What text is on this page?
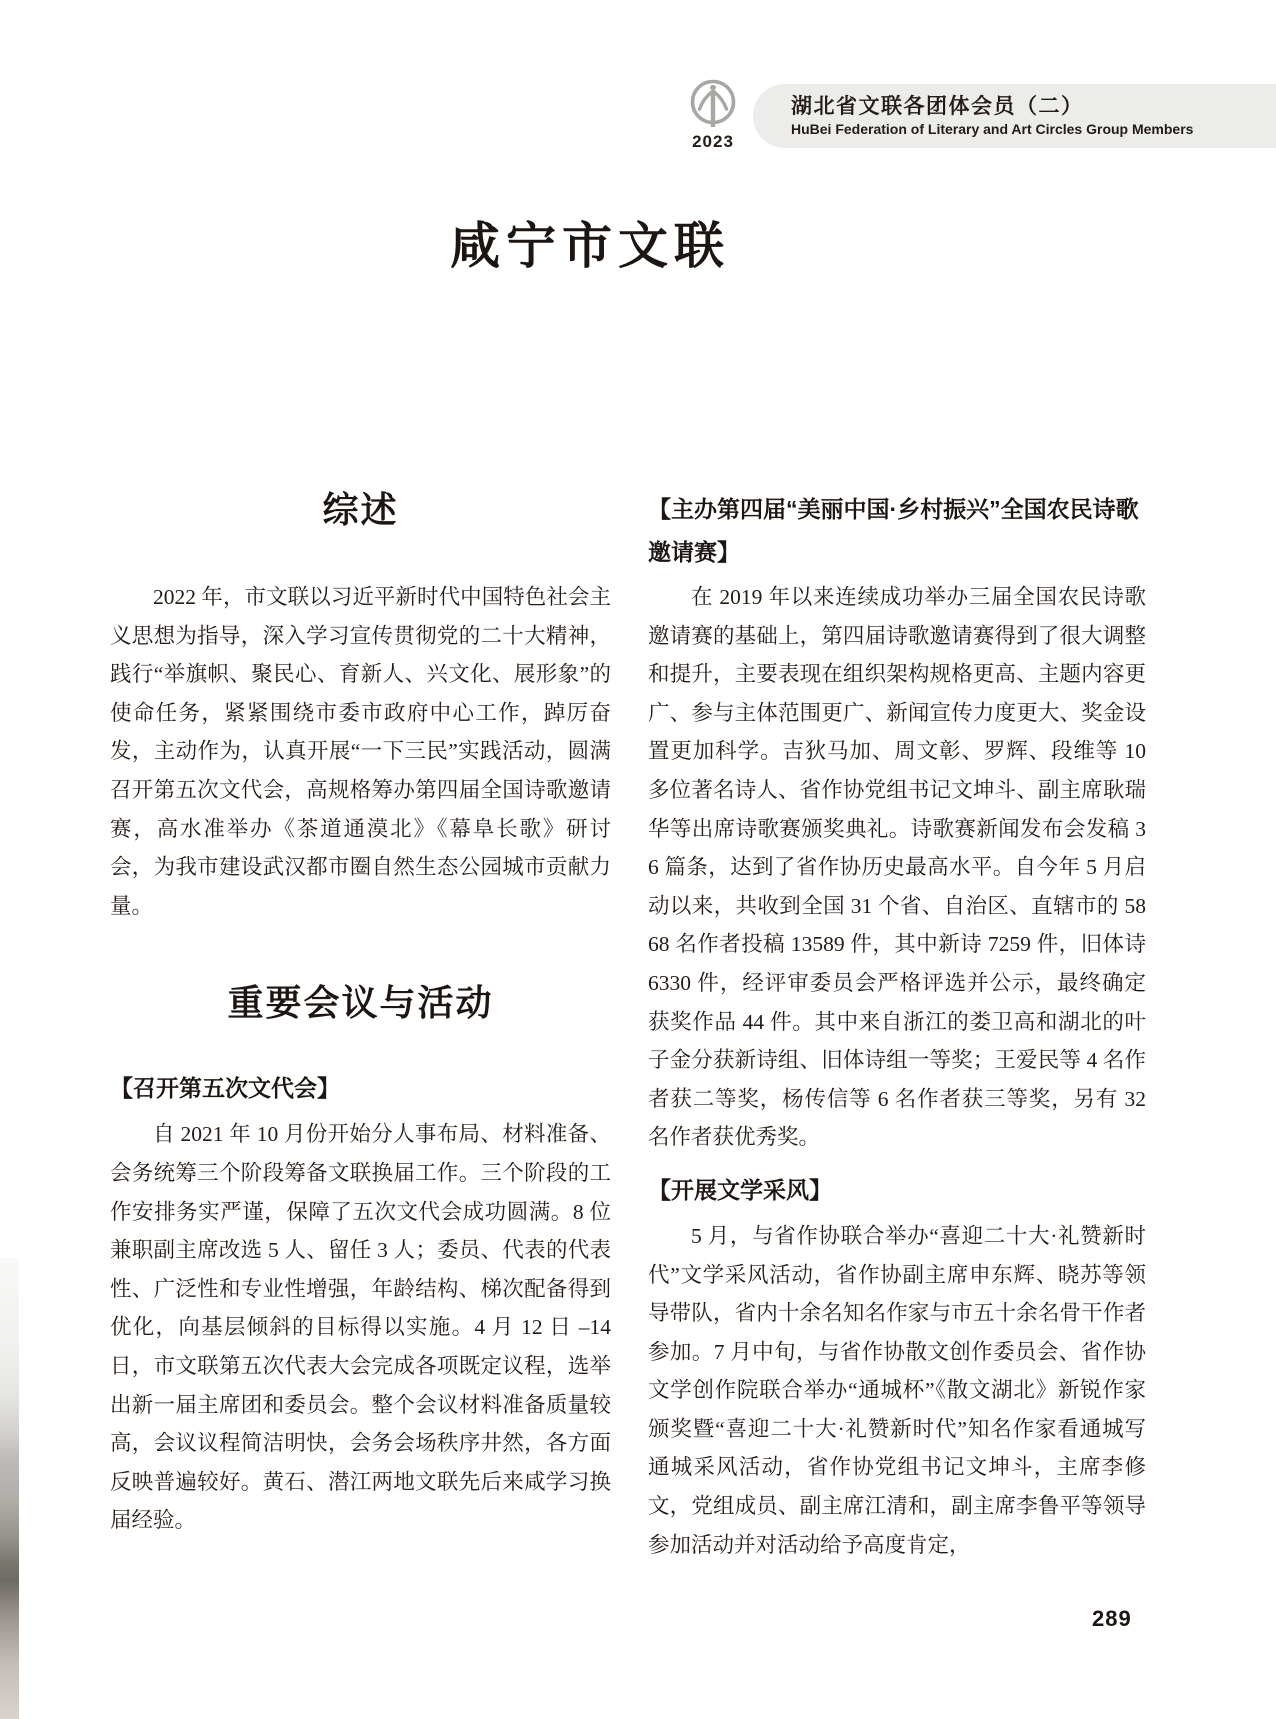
2023
湖北省文联各团体会员（二）
HuBei Federation of Literary and Art Circles Group Members
咸宁市文联
综述

2022 年，市文联以习近平新时代中国特色社会主义思想为指导，深入学习宣传贯彻党的二十大精神，践行“举旗帜、聚民心、育新人、兴文化、展形象”的使命任务，紧紧围绕市委市政府中心工作，踔厉奋发，主动作为，认真开展“一下三民”实践活动，圆满召开第五次文代会，高规格筹办第四届全国诗歌邀请赛，高水准举办《茶道通漠北》《幕阜长歌》研讨会，为我市建设武汉都市圈自然生态公园城市贡献力量。

重要会议与活动
【召开第五次文代会】

自 2021 年 10 月份开始分人事布局、材料准备、会务统筹三个阶段筹备文联换届工作。三个阶段的工作安排务实严谨，保障了五次文代会成功圆满。8 位兼职副主席改选 5 人、留任 3 人；委员、代表的代表性、广泛性和专业性增强，年龄结构、梯次配备得到优化，向基层倾斜的目标得以实施。4 月 12 日 –14 日，市文联第五次代表大会完成各项既定议程，选举出新一届主席团和委员会。整个会议材料准备质量较高，会议议程简洁明快，会务会场秩序井然，各方面反映普遍较好。黄石、潜江两地文联先后来咸学习换届经验。

【主办第四届“美丽中国·乡村振兴”全国农民诗歌邀请赛】

在 2019 年以来连续成功举办三届全国农民诗歌邀请赛的基础上，第四届诗歌邀请赛得到了很大调整和提升，主要表现在组织架构规格更高、主题内容更广、参与主体范围更广、新闻宣传力度更大、奖金设置更加科学。吉狄马加、周文彰、罗辉、段维等 10 多位著名诗人、省作协党组书记文坤斗、副主席耿瑞华等出席诗歌赛颁奖典礼。诗歌赛新闻发布会发稿 36 篇条，达到了省作协历史最高水平。自今年 5 月启动以来，共收到全国 31 个省、自治区、直辖市的 5868 名作者投稿 13589 件，其中新诗 7259 件，旧体诗 6330 件，经评审委员会严格评选并公示，最终确定获奖作品 44 件。其中来自浙江的娄卫高和湖北的叶子金分获新诗组、旧体诗组一等奖；王爱民等 4 名作者获二等奖，杨传信等 6 名作者获三等奖，另有 32 名作者获优秀奖。

【开展文学采风】

5 月，与省作协联合举办“喜迎二十大·礼赞新时代”文学采风活动，省作协副主席申东辉、晓苏等领导带队，省内十余名知名作家与市五十余名骨干作者参加。7 月中旬，与省作协散文创作委员会、省作协文学创作院联合举办“通城杯”《散文湖北》新锐作家颁奖暨“喜迎二十大·礼赞新时代”知名作家看通城写通城采风活动，省作协党组书记文坤斗，主席李修文，党组成员、副主席江清和，副主席李鲁平等领导参加活动并对活动给予高度肯定，

289
